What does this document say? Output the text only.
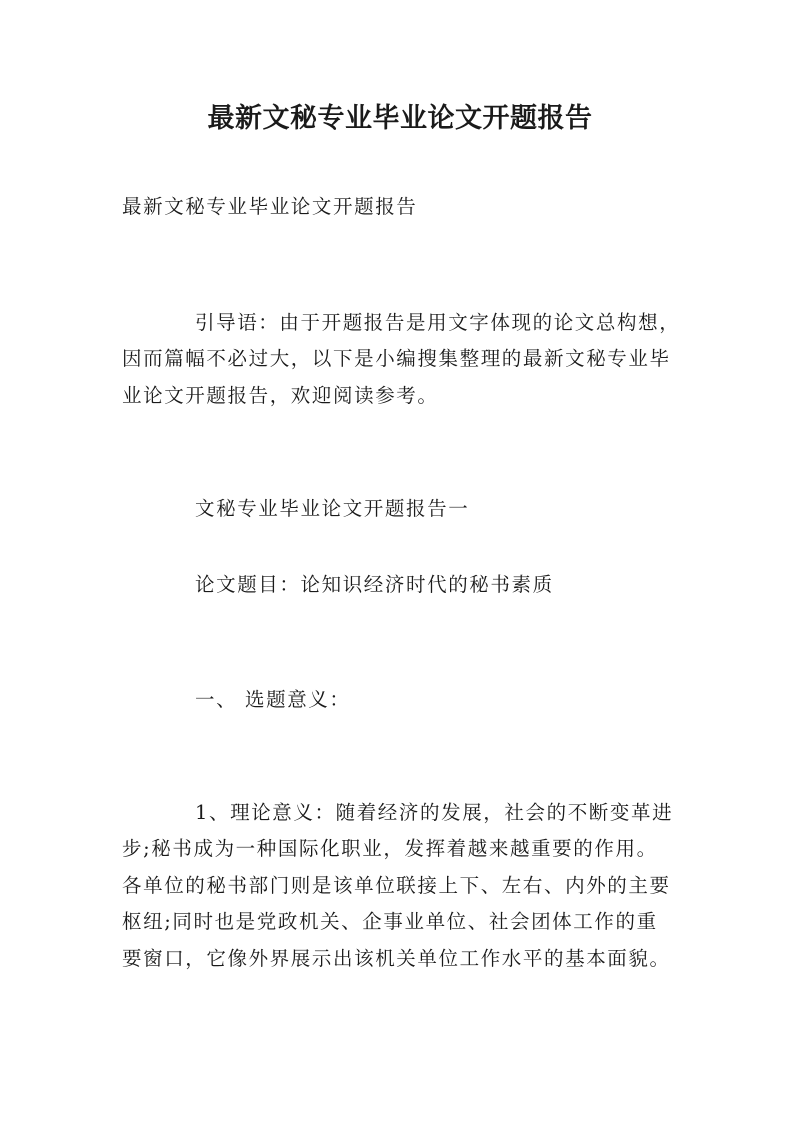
最新文秘专业毕业论文开题报告
最新文秘专业毕业论文开题报告
引导语：由于开题报告是用文字体现的论文总构想，
因而篇幅不必过大，以下是小编搜集整理的最新文秘专业毕
业论文开题报告，欢迎阅读参考。
文秘专业毕业论文开题报告一
论文题目：论知识经济时代的秘书素质
一、 选题意义：
1、理论意义：随着经济的发展，社会的不断变革进
步;秘书成为一种国际化职业，发挥着越来越重要的作用。
各单位的秘书部门则是该单位联接上下、左右、内外的主要
枢纽;同时也是党政机关、企事业单位、社会团体工作的重
要窗口，它像外界展示出该机关单位工作水平的基本面貌。
